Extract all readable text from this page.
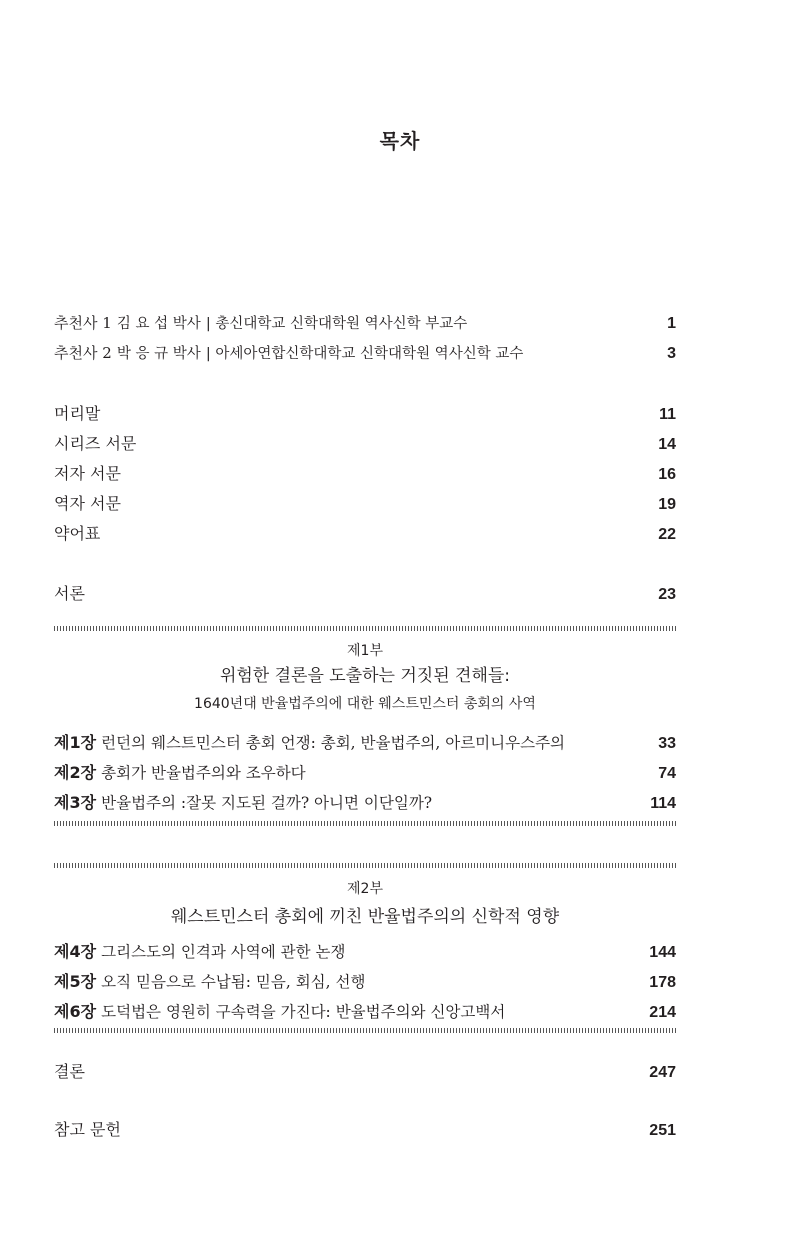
목차
추천사 1 김 요 섭 박사 | 총신대학교 신학대학원 역사신학 부교수	1
추천사 2 박 응 규 박사 | 아세아연합신학대학교 신학대학원 역사신학 교수	3
머리말	11
시리즈 서문	14
저자 서문	16
역자 서문	19
약어표	22
서론	23
제1부
위험한 결론을 도출하는 거짓된 견해들:
1640년대 반율법주의에 대한 웨스트민스터 총회의 사역
제1장 런던의 웨스트민스터 총회 언쟁: 총회, 반율법주의, 아르미니우스주의	33
제2장 총회가 반율법주의와 조우하다	74
제3장 반율법주의 :잘못 지도된 걸까? 아니면 이단일까?	114
제2부
웨스트민스터 총회에 끼친 반율법주의의 신학적 영향
제4장 그리스도의 인격과 사역에 관한 논쟁	144
제5장 오직 믿음으로 수납됨: 믿음, 회심, 선행	178
제6장 도덕법은 영원히 구속력을 가진다: 반율법주의와 신앙고백서	214
결론	247
참고 문헌	251
